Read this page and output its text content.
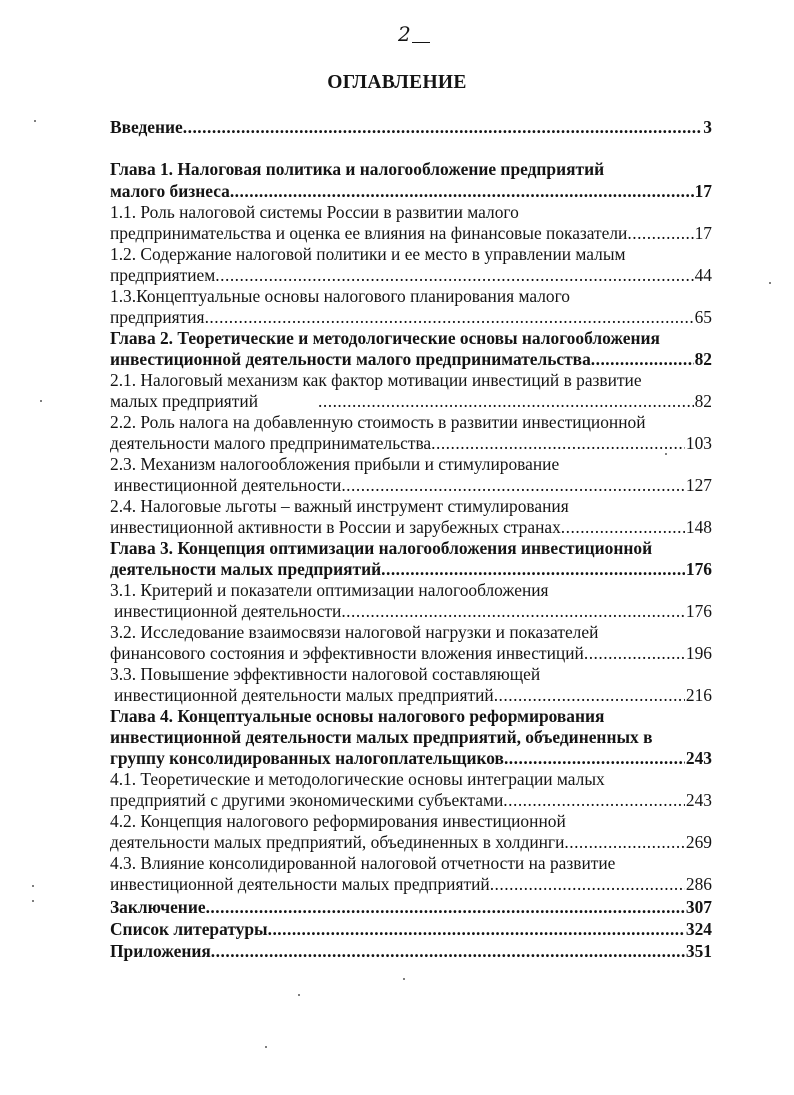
2
ОГЛАВЛЕНИЕ
Введение .....	3
Глава 1. Налоговая политика и налогообложение предприятий
малого бизнеса .....	17
1.1. Роль налоговой системы России в развитии малого
предпринимательства и оценка ее влияния на финансовые показатели .....	17
1.2. Содержание налоговой политики и ее место в управлении малым
предприятием .....	44
1.3.Концептуальные основы налогового планирования малого
предприятия .....	65
Глава 2. Теоретические и методологические основы налогообложения
инвестиционной деятельности малого предпринимательства .....	82
2.1. Налоговый механизм как фактор мотивации инвестиций в развитие
малых предприятий .....	82
2.2. Роль налога на добавленную стоимость в развитии инвестиционной
деятельности малого предпринимательства .....	103
2.3. Механизм налогообложения прибыли и стимулирование
инвестиционной деятельности .....	127
2.4. Налоговые льготы – важный инструмент стимулирования
инвестиционной активности в России и зарубежных странах .....	148
Глава 3. Концепция оптимизации налогообложения инвестиционной
деятельности малых предприятий .....	176
3.1. Критерий и показатели оптимизации налогообложения
инвестиционной деятельности .....	176
3.2. Исследование взаимосвязи налоговой нагрузки и показателей
финансового состояния и эффективности вложения инвестиций .....	196
3.3. Повышение эффективности налоговой составляющей
инвестиционной деятельности малых предприятий .....	216
Глава 4. Концептуальные основы налогового реформирования
инвестиционной деятельности малых предприятий, объединенных в
группу консолидированных налогоплательщиков .....	243
4.1. Теоретические и методологические основы интеграции малых
предприятий с другими экономическими субъектами .....	243
4.2. Концепция налогового реформирования инвестиционной
деятельности малых предприятий, объединенных в холдинги .....	269
4.3. Влияние консолидированной налоговой отчетности на развитие
инвестиционной деятельности малых предприятий .....	286
Заключение .....	307
Список литературы .....	324
Приложения .....	351
